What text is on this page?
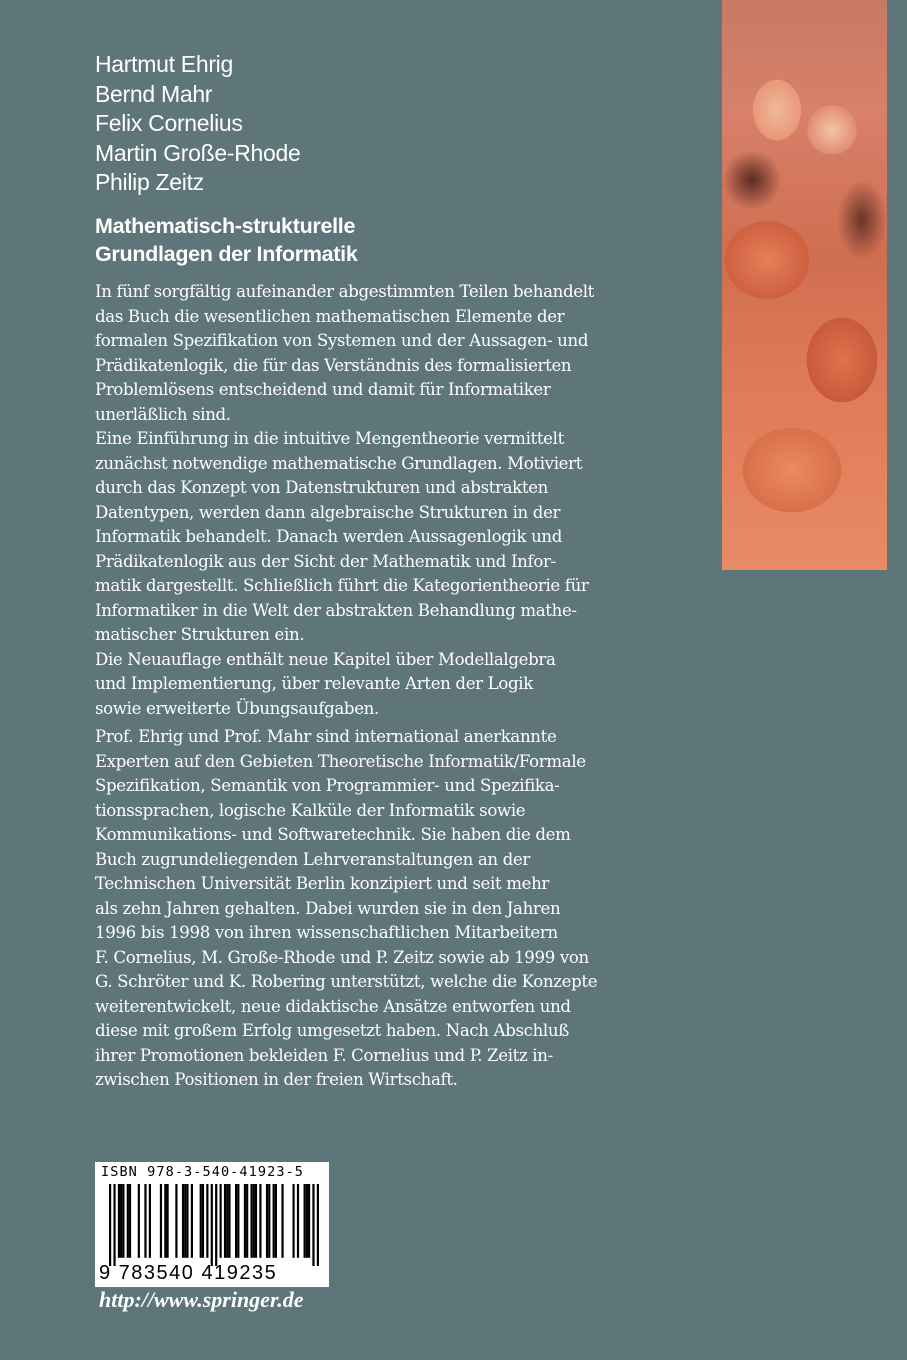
Hartmut Ehrig
Bernd Mahr
Felix Cornelius
Martin Große-Rhode
Philip Zeitz
Mathematisch-strukturelle
Grundlagen der Informatik
In fünf sorgfältig aufeinander abgestimmten Teilen behandelt
das Buch die wesentlichen mathematischen Elemente der
formalen Spezifikation von Systemen und der Aussagen- und
Prädikatenlogik, die für das Verständnis des formalisierten
Problemlösens entscheidend und damit für Informatiker
unerläßlich sind.
Eine Einführung in die intuitive Mengentheorie vermittelt
zunächst notwendige mathematische Grundlagen. Motiviert
durch das Konzept von Datenstrukturen und abstrakten
Datentypen, werden dann algebraische Strukturen in der
Informatik behandelt. Danach werden Aussagenlogik und
Prädikatenlogik aus der Sicht der Mathematik und Infor-
matik dargestellt. Schließlich führt die Kategorientheorie für
Informatiker in die Welt der abstrakten Behandlung mathe-
matischer Strukturen ein.
Die Neuauflage enthält neue Kapitel über Modellalgebra
und Implementierung, über relevante Arten der Logik
sowie erweiterte Übungsaufgaben.
Prof. Ehrig und Prof. Mahr sind international anerkannte
Experten auf den Gebieten Theoretische Informatik/Formale
Spezifikation, Semantik von Programmier- und Spezifika-
tionssprachen, logische Kalküle der Informatik sowie
Kommunikations- und Softwaretechnik. Sie haben die dem
Buch zugrundeliegenden Lehrveranstaltungen an der
Technischen Universität Berlin konzipiert und seit mehr
als zehn Jahren gehalten. Dabei wurden sie in den Jahren
1996 bis 1998 von ihren wissenschaftlichen Mitarbeitern
F. Cornelius, M. Große-Rhode und P. Zeitz sowie ab 1999 von
G. Schröter und K. Robering unterstützt, welche die Konzepte
weiterentwickelt, neue didaktische Ansätze entworfen und
diese mit großem Erfolg umgesetzt haben. Nach Abschluß
ihrer Promotionen bekleiden F. Cornelius und P. Zeitz in-
zwischen Positionen in der freien Wirtschaft.
ISBN 978-3-540-41923-5
9 783540 419235
http://www.springer.de
